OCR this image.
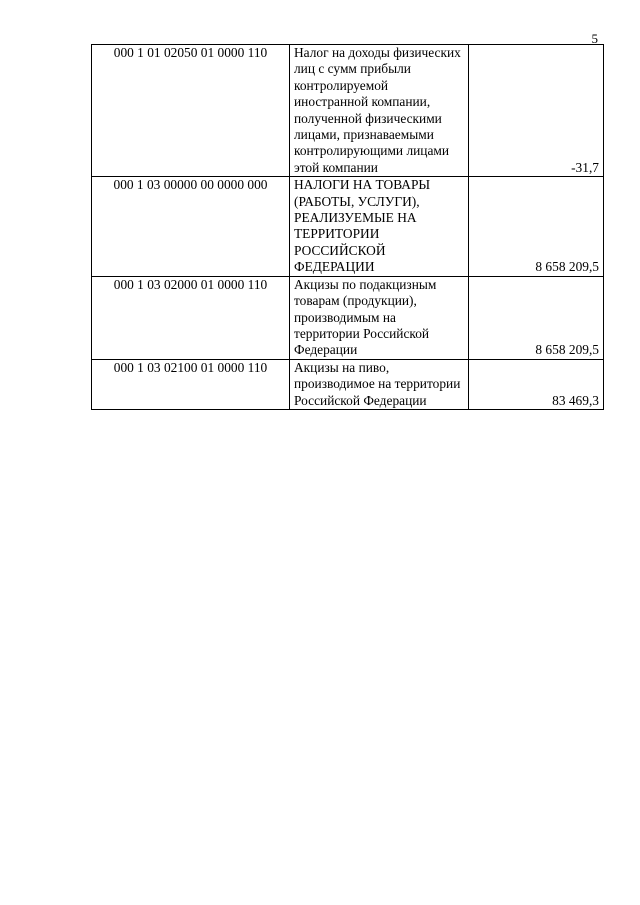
5
000 1 01 02050 01 0000 110	Налог на доходы физических лиц с сумм прибыли контролируемой иностранной компании, полученной физическими лицами, признаваемыми контролирующими лицами этой компании	-31,7
000 1 03 00000 00 0000 000	НАЛОГИ НА ТОВАРЫ (РАБОТЫ, УСЛУГИ), РЕАЛИЗУЕМЫЕ НА ТЕРРИТОРИИ РОССИЙСКОЙ ФЕДЕРАЦИИ	8 658 209,5
000 1 03 02000 01 0000 110	Акцизы по подакцизным товарам (продукции), производимым на территории Российской Федерации	8 658 209,5
000 1 03 02100 01 0000 110	Акцизы на пиво, производимое на территории Российской Федерации	83 469,3
